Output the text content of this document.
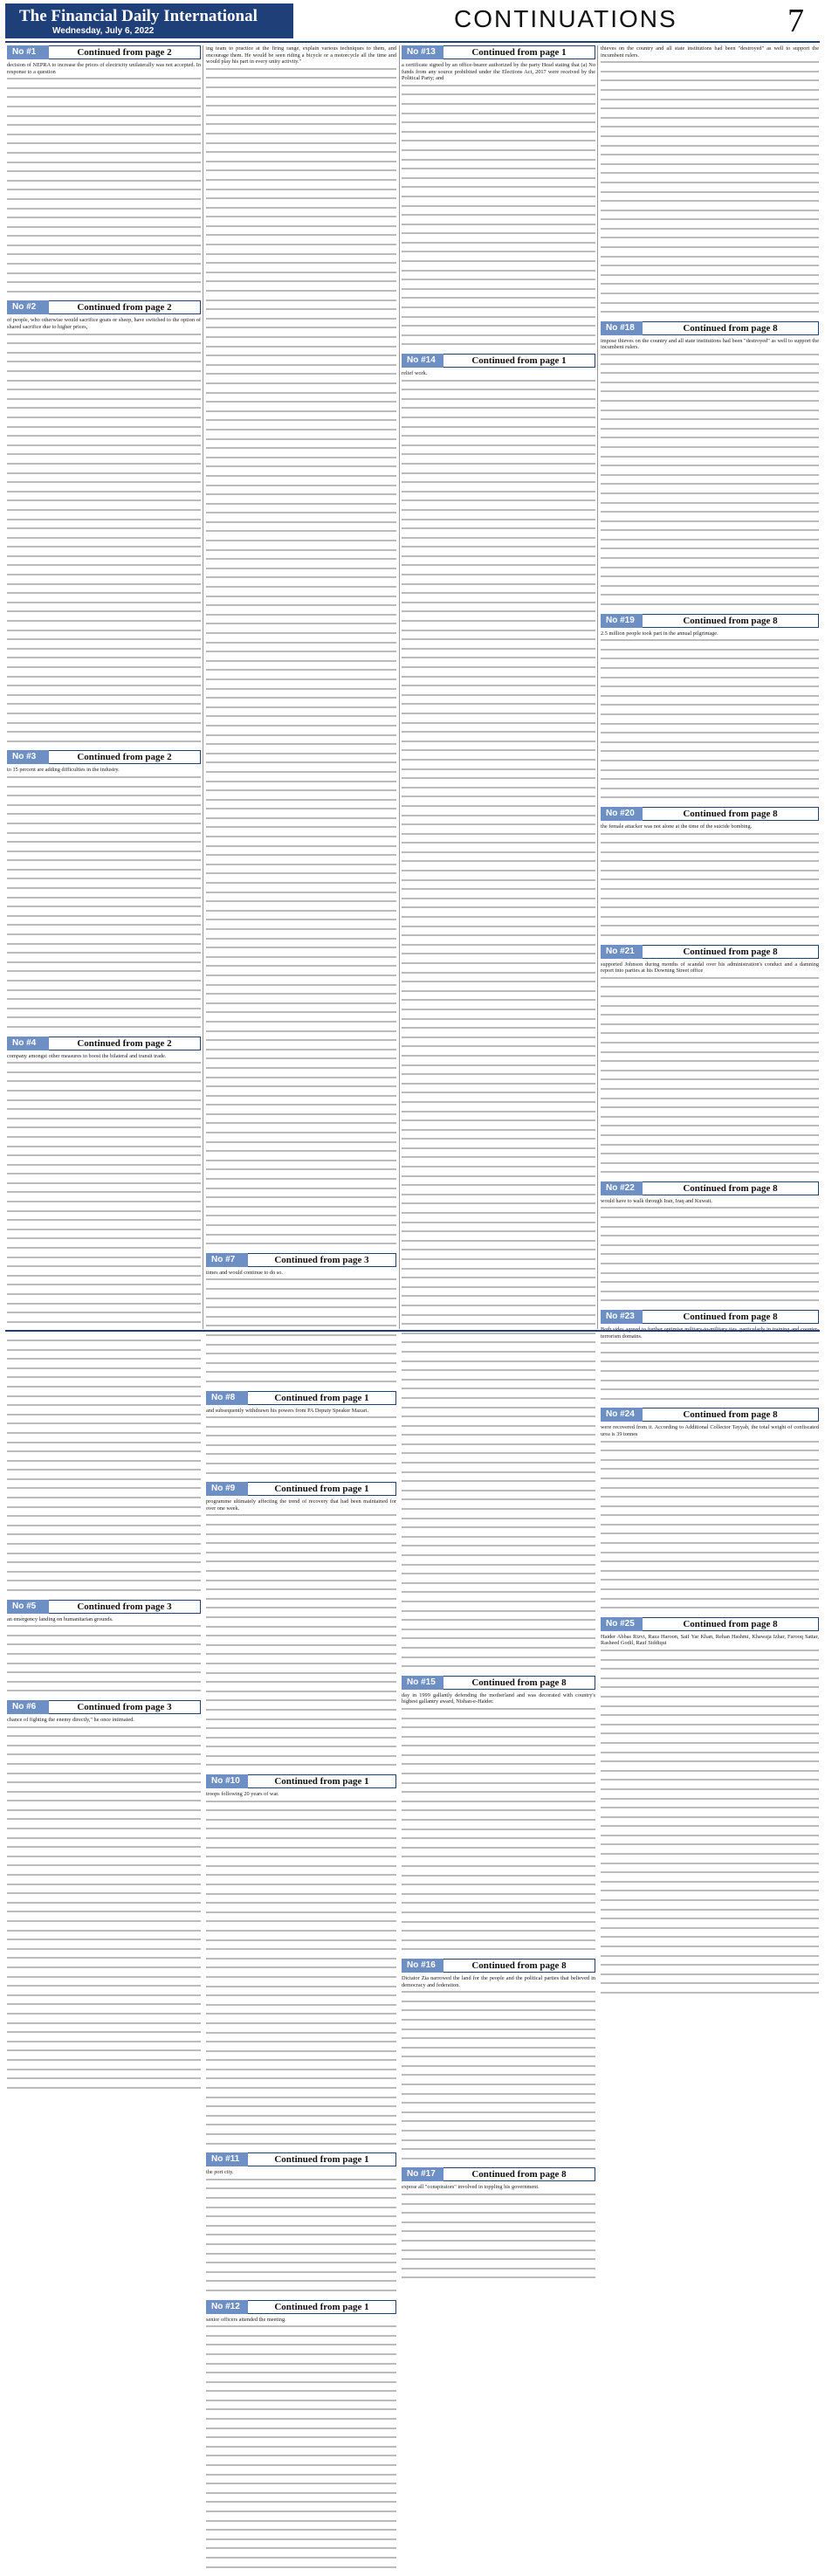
The Financial Daily International
Wednesday, July 6, 2022	CONTINUATIONS	7
No #1	Continued from page 2
decision of NEPRA to increase the prices of electricity unilaterally was not accepted. In response to a question
No #2	Continued from page 2
of people, who otherwise would sacrifice goats or sheep, have switched to the option of shared sacrifice due to higher prices,
No #3	Continued from page 2
to 15 percent are adding difficulties in the industry.
No #4	Continued from page 2
company amongst other measures to boost the bilateral and transit trade.
No #5	Continued from page 3
an emergency landing on humanitarian grounds.
No #6	Continued from page 3
chance of fighting the enemy directly," he once intimated.
ing team to practice at the firing range, explain various techniques to them, and encourage them. He would be seen riding a bicycle or a motorcycle all the time and would play his part in every unity activity."
No #7	Continued from page 3
times and would continue to do so.
No #8	Continued from page 1
and subsequently withdrawn his powers from PA Deputy Speaker Mazari.
No #9	Continued from page 1
programme ultimately affecting the trend of recovery that had been maintained for over one week.
No #10	Continued from page 1
troops following 20 years of war.
No #11	Continued from page 1
the port city.
No #12	Continued from page 1
senior officers attended the meeting.
No #13	Continued from page 1
a certificate signed by an office-bearer authorized by the party Head stating that (a) No funds from any source prohibited under the Elections Act, 2017 were received by the Political Party; and
No #14	Continued from page 1
relief work.
No #15	Continued from page 8
day in 1999 gallantly defending the motherland and was decorated with country's highest gallantry award, Nishan-e-Haider.
No #16	Continued from page 8
Dictator Zia narrowed the land for the people and the political parties that believed in democracy and federation.
No #17	Continued from page 8
expose all "conspirators" involved in toppling his government.
thieves on the country and all state institutions had been "destroyed" as well to support the incumbent rulers.
No #18	Continued from page 8
impose thieves on the country and all state institutions had been "destroyed" as well to support the incumbent rulers.
No #19	Continued from page 8
2.5 million people took part in the annual pilgrimage.
No #20	Continued from page 8
the female attacker was not alone at the time of the suicide bombing.
No #21	Continued from page 8
supported Johnson during months of scandal over his administration's conduct and a damning report into parties at his Downing Street office
No #22	Continued from page 8
would have to walk through Iran, Iraq and Kuwait.
No #23	Continued from page 8
terrorism domains.
No #24	Continued from page 8
were recovered from it. According to Additional Collector Tayyab, the total weight of confiscated urea is 39 tonnes
No #25	Continued from page 8
Haider Abbas Rizvi, Raza Haroon, Saif Yar Khan, Rehan Hashmi, Khawaja Izhar, Farooq Sattar, Rasheed Godil, Rauf Siddiqui
